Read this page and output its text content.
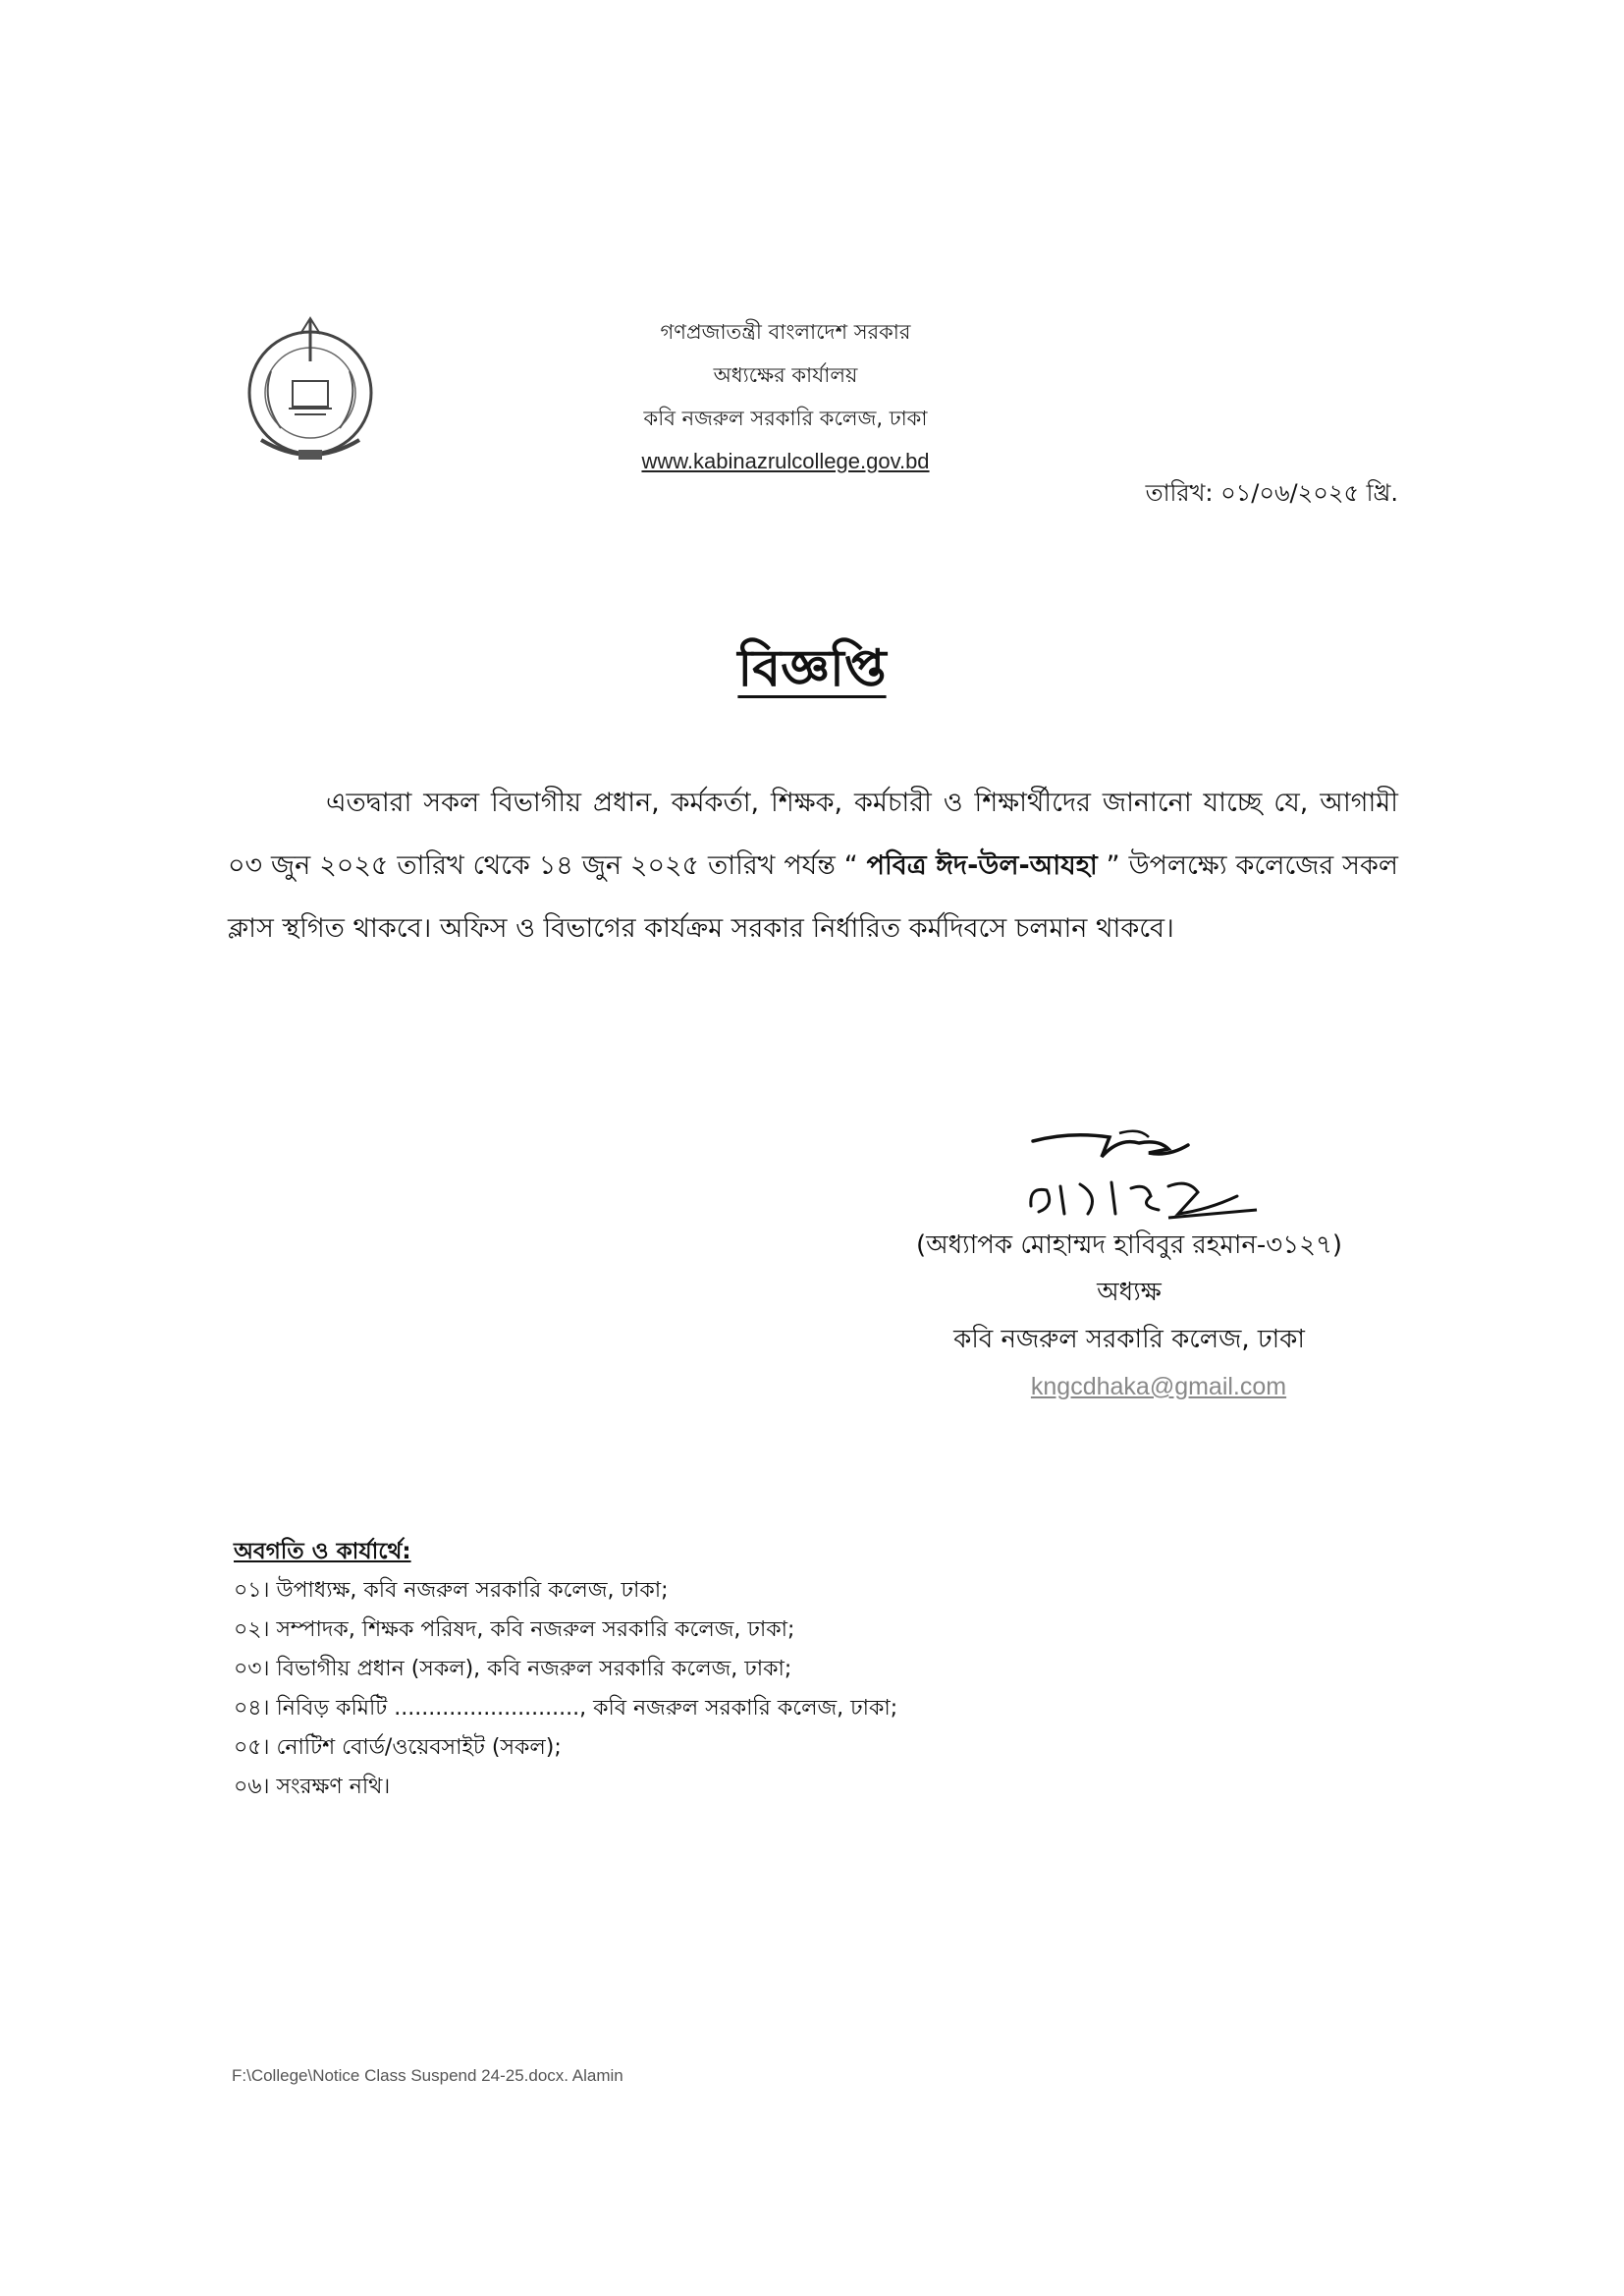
গণপ্রজাতন্ত্রী বাংলাদেশ সরকার
অধ্যক্ষের কার্যালয়
কবি নজরুল সরকারি কলেজ, ঢাকা
www.kabinazrulcollege.gov.bd
তারিখ: ০১/০৬/২০২৫ খ্রি.
বিজ্ঞপ্তি
এতদ্বারা সকল বিভাগীয় প্রধান, কর্মকর্তা, শিক্ষক, কর্মচারী ও শিক্ষার্থীদের জানানো যাচ্ছে যে, আগামী ০৩ জুন ২০২৫ তারিখ থেকে ১৪ জুন ২০২৫ তারিখ পর্যন্ত “ পবিত্র ঈদ-উল-আযহা ” উপলক্ষ্যে কলেজের সকল ক্লাস স্থগিত থাকবে। অফিস ও বিভাগের কার্যক্রম সরকার নির্ধারিত কর্মদিবসে চলমান থাকবে।
(অধ্যাপক মোহাম্মদ হাবিবুর রহমান-৩১২৭)
অধ্যক্ষ
কবি নজরুল সরকারি কলেজ, ঢাকা
kngcdhaka@gmail.com
অবগতি ও কার্যার্থে:
০১। উপাধ্যক্ষ, কবি নজরুল সরকারি কলেজ, ঢাকা;
০২। সম্পাদক, শিক্ষক পরিষদ, কবি নজরুল সরকারি কলেজ, ঢাকা;
০৩। বিভাগীয় প্রধান (সকল), কবি নজরুল সরকারি কলেজ, ঢাকা;
০৪। নিবিড় কমিটি ..........................., কবি নজরুল সরকারি কলেজ, ঢাকা;
০৫। নোটিশ বোর্ড/ওয়েবসাইট (সকল);
০৬। সংরক্ষণ নথি।
F:\College\Notice Class Suspend 24-25.docx. Alamin
